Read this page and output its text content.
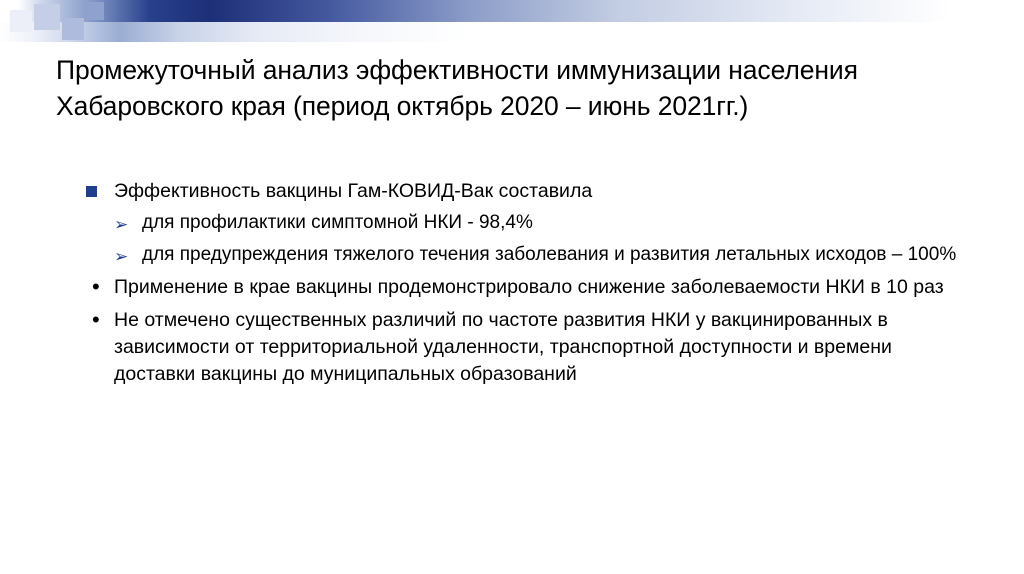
Промежуточный анализ эффективности иммунизации населения Хабаровского края (период октябрь 2020 – июнь 2021гг.)
Эффективность вакцины Гам-КОВИД-Вак составила
➢ для профилактики симптомной НКИ - 98,4%
➢ для предупреждения тяжелого течения заболевания и развития летальных исходов – 100%
• Применение в крае вакцины продемонстрировало снижение заболеваемости НКИ в 10 раз
• Не отмечено существенных различий по частоте развития НКИ у вакцинированных в зависимости от территориальной удаленности, транспортной доступности и времени доставки вакцины до муниципальных образований
